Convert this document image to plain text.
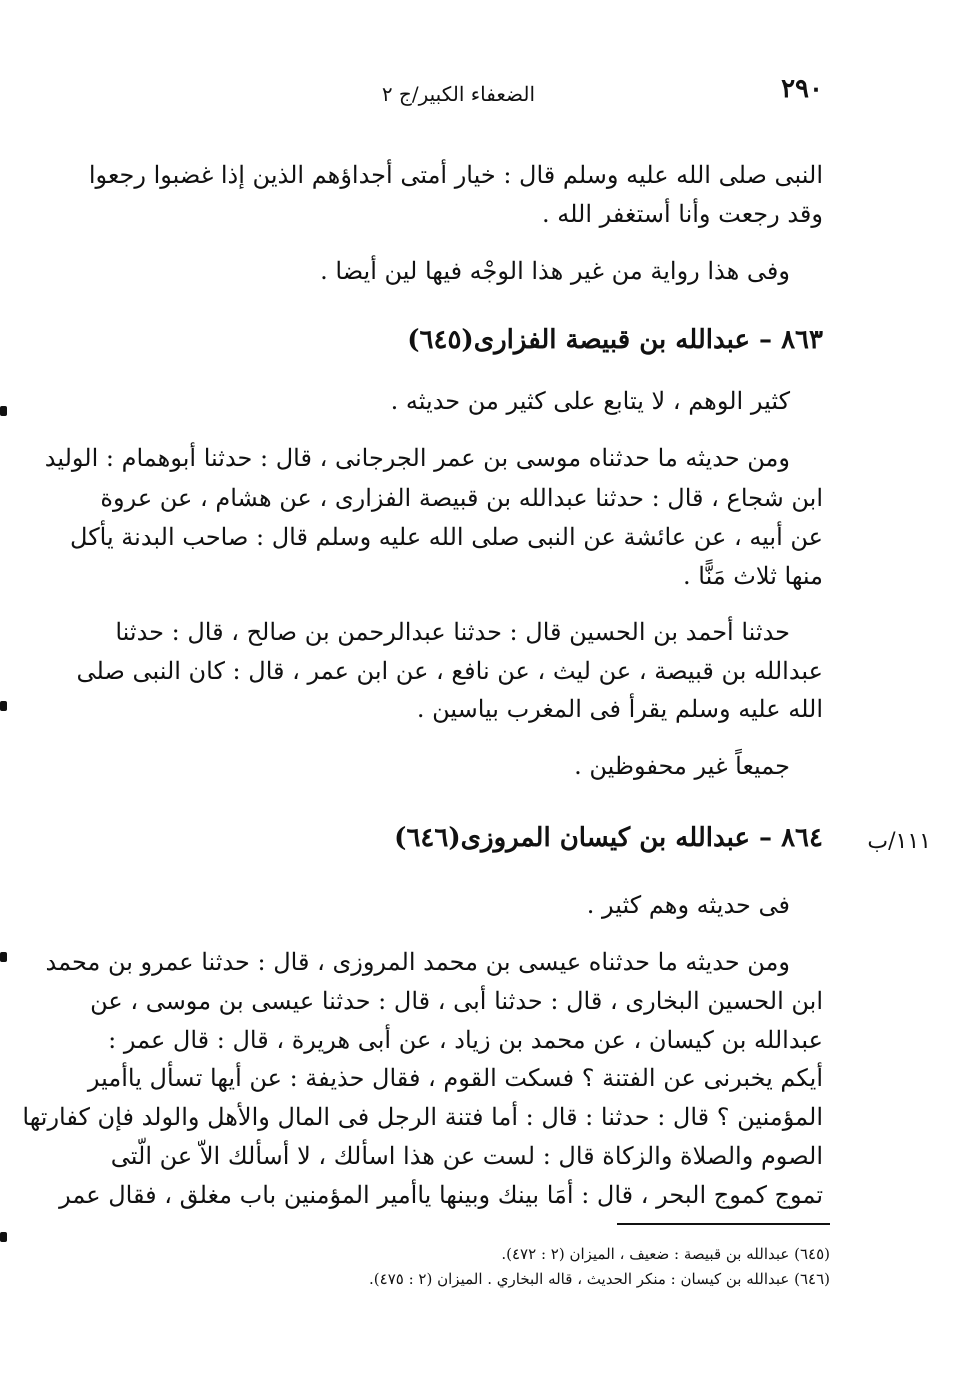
٢٩٠
الضعفاء الكبير/ج ٢
النبى صلى الله عليه وسلم قال : خيار أمتى أجداؤهم الذين إذا غضبوا رجعوا
وقد رجعت وأنا أستغفر الله .
وفى هذا رواية من غير هذا الوجْه فيها لين أيضا .
٨٦٣ – عبدالله بن قبيصة الفزارى(٦٤٥)
كثير الوهم ، لا يتابع على كثير من حديثه .
ومن حديثه ما حدثناه موسى بن عمر الجرجانى ، قال : حدثنا أبوهمام : الوليد
ابن شجاع ، قال : حدثنا عبدالله بن قبيصة الفزارى ، عن هشام ، عن عروة
عن أبيه ، عن عائشة عن النبى صلى الله عليه وسلم قال : صاحب البدنة يأكل
منها ثلاث مَنًّا .
حدثنا أحمد بن الحسين قال : حدثنا عبدالرحمن بن صالح ، قال : حدثنا
عبدالله بن قبيصة ، عن ليث ، عن نافع ، عن ابن عمر ، قال : كان النبى صلى
الله عليه وسلم يقرأ فى المغرب بياسين .
جميعاً غير محفوظين .
٨٦٤ – عبدالله بن كيسان المروزى(٦٤٦) ١١١/ب
فى حديثه وهم كثير .
ومن حديثه ما حدثناه عيسى بن محمد المروزى ، قال : حدثنا عمرو بن محمد
ابن الحسين البخارى ، قال : حدثنا أبى ، قال : حدثنا عيسى بن موسى ، عن
عبدالله بن كيسان ، عن محمد بن زياد ، عن أبى هريرة ، قال : قال عمر :
أيكم يخبرنى عن الفتنة ؟ فسكت القوم ، فقال حذيفة : عن أيها تسأل ياأمير
المؤمنين ؟ قال : حدثنا : قال : أما فتنة الرجل فى المال والأهل والولد فإن كفارتها
الصوم والصلاة والزكاة قال : لست عن هذا اسألك ، لا أسألك الاّ عن الّتى
تموج كموج البحر ، قال : أمَا بينك وبينها ياأمير المؤمنين باب مغلق ، فقال عمر
(٦٤٥) عبدالله بن قبيصة : ضعيف ، الميزان (٢ : ٤٧٢).
(٦٤٦) عبدالله بن كيسان : منكر الحديث ، قاله البخاري . الميزان (٢ : ٤٧٥).
